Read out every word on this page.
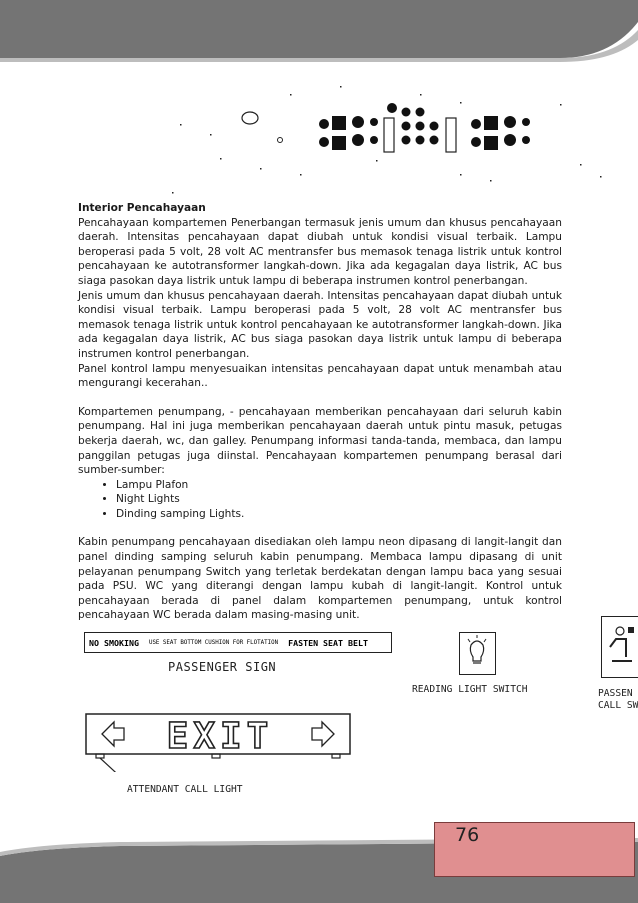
Interior Pencahayaan

Pencahayaan kompartemen Penerbangan termasuk jenis umum dan khusus pencahayaan daerah. Intensitas pencahayaan dapat diubah untuk kondisi visual terbaik. Lampu beroperasi pada 5 volt, 28 volt AC mentransfer bus memasok tenaga listrik untuk kontrol pencahayaan ke autotransformer langkah-down. Jika ada kegagalan daya listrik, AC bus siaga pasokan daya listrik untuk lampu di beberapa instrumen kontrol penerbangan.

Jenis umum dan khusus pencahayaan daerah. Intensitas pencahayaan dapat diubah untuk kondisi visual terbaik. Lampu beroperasi pada 5 volt, 28 volt AC mentransfer bus memasok tenaga listrik untuk kontrol pencahayaan ke autotransformer langkah-down. Jika ada kegagalan daya listrik, AC bus siaga pasokan daya listrik untuk lampu di beberapa instrumen kontrol penerbangan.

Panel kontrol lampu menyesuaikan intensitas pencahayaan dapat untuk menambah atau mengurangi kecerahan..

Kompartemen penumpang, - pencahayaan memberikan pencahayaan dari seluruh kabin penumpang. Hal ini juga memberikan pencahayaan daerah untuk pintu masuk, petugas bekerja daerah, wc, dan galley. Penumpang informasi tanda-tanda, membaca, dan lampu panggilan petugas juga diinstal. Pencahayaan kompartemen penumpang berasal dari sumber-sumber:

• Lampu Plafon
• Night Lights
• Dinding samping Lights.

Kabin penumpang pencahayaan disediakan oleh lampu neon dipasang di langit-langit dan panel dinding samping seluruh kabin penumpang. Membaca lampu dipasang di unit pelayanan penumpang Switch yang terletak berdekatan dengan lampu baca yang sesuai pada PSU. WC yang diterangi dengan lampu kubah di langit-langit. Kontrol untuk pencahayaan berada di panel dalam kompartemen penumpang, untuk kontrol pencahayaan WC berada dalam masing-masing unit.

NO SMOKING USE SEAT BOTTOM CUSHION FOR FLOTATION FASTEN SEAT BELT
PASSENGER SIGN
READING LIGHT SWITCH	PASSEN
CALL SW
EXIT
ATTENDANT CALL LIGHT
76
